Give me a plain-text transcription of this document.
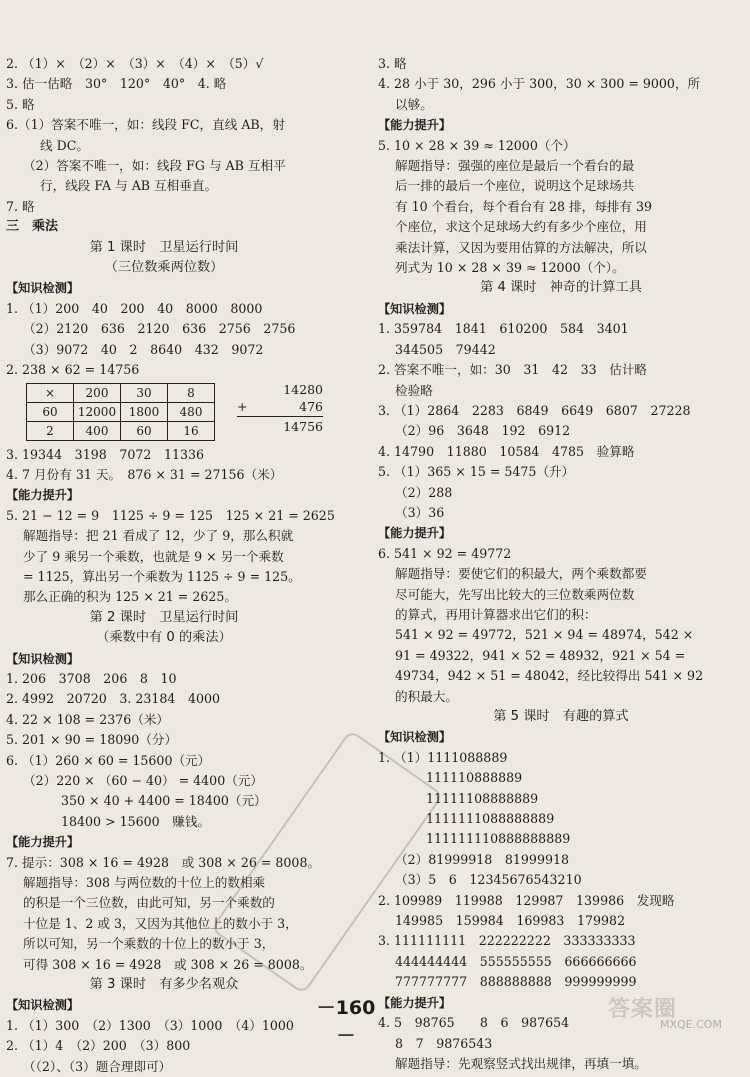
2. （1）×　（2）×　（3）×　（4）×　（5）√
3. 估一估略　30°　120°　40°　4. 略
5. 略
6.（1）答案不唯一，如：线段 FC，直线 AB，射
线 DC。
（2）答案不唯一，如：线段 FG 与 AB 互相平
行，线段 FA 与 AB 互相垂直。
7. 略
三　乘法
第 1 课时　卫星运行时间
（三位数乘两位数）
【知识检测】
1. （1）200　40　200　40　8000　8000
（2）2120　636　2120　636　2756　2756
（3）9072　40　2　8640　432　9072
2. 238 × 62 = 14756
×	200	30	8
60	12000	1800	480
2	400	60	16
14280
+	476
14756
3. 19344　3198　7072　11336
4. 7 月份有 31 天。　876 × 31 = 27156（米）
【能力提升】
5. 21 − 12 = 9　1125 ÷ 9 = 125　125 × 21 = 2625
解题指导：把 21 看成了 12，少了 9，那么积就
少了 9 乘另一个乘数，也就是 9 × 另一个乘数
= 1125，算出另一个乘数为 1125 ÷ 9 = 125。
那么正确的积为 125 × 21 = 2625。
第 2 课时　卫星运行时间
（乘数中有 0 的乘法）
【知识检测】
1. 206　3708　206　8　10
2. 4992　20720　3. 23184　4000
4. 22 × 108 = 2376（米）
5. 201 × 90 = 18090（分）
6. （1）260 × 60 = 15600（元）
（2）220 × （60 − 40） = 4400（元）
350 × 40 + 4400 = 18400（元）
18400 > 15600　赚钱。
【能力提升】
7. 提示：308 × 16 = 4928　或 308 × 26 = 8008。
解题指导：308 与两位数的十位上的数相乘
的积是一个三位数，由此可知，另一个乘数的
十位是 1、2 或 3，又因为其他位上的数小于 3，
所以可知，另一个乘数的十位上的数小于 3，
可得 308 × 16 = 4928　或 308 × 26 = 8008。
第 3 课时　有多少名观众
【知识检测】
1. （1）300　（2）1300　（3）1000　（4）1000
2. （1）4　（2）200　（3）800
（（2）、（3）题合理即可）
3. 略
4. 28 小于 30，296 小于 300，30 × 300 = 9000，所
以够。
【能力提升】
5. 10 × 28 × 39 ≈ 12000（个）
解题指导：强强的座位是最后一个看台的最
后一排的最后一个座位，说明这个足球场共
有 10 个看台，每个看台有 28 排，每排有 39
个座位，求这个足球场大约有多少个座位，用
乘法计算，又因为要用估算的方法解决，所以
列式为 10 × 28 × 39 ≈ 12000（个）。
第 4 课时　神奇的计算工具
【知识检测】
1. 359784　1841　610200　584　3401
344505　79442
2. 答案不唯一，如：30　31　42　33　估计略
检验略
3. （1）2864　2283　6849　6649　6807　27228
（2）96　3648　192　6912
4. 14790　11880　10584　4785　验算略
5. （1）365 × 15 = 5475（升）
（2）288
（3）36
【能力提升】
6. 541 × 92 = 49772
解题指导：要使它们的积最大，两个乘数都要
尽可能大，先写出比较大的三位数乘两位数
的算式，再用计算器求出它们的积：
541 × 92 = 49772，521 × 94 = 48974，542 ×
91 = 49322，941 × 52 = 48932，921 × 54 =
49734，942 × 51 = 48042，经比较得出 541 × 92
的积最大。
第 5 课时　有趣的算式
【知识检测】
1. （1）1111088889
111110888889
11111108888889
1111111088888889
111111110888888889
（2）81999918　81999918
（3）5　6　12345676543210
2. 109989　119988　129987　139986　发现略
149985　159984　169983　179982
3. 111111111　222222222　333333333
444444444　555555555　666666666
777777777　888888888　999999999
【能力提升】
4. 5　98765　　8　6　987654
8　7　9876543
解题指导：先观察竖式找出规律，再填一填。
－160－
答案圈
MXQE.COM
